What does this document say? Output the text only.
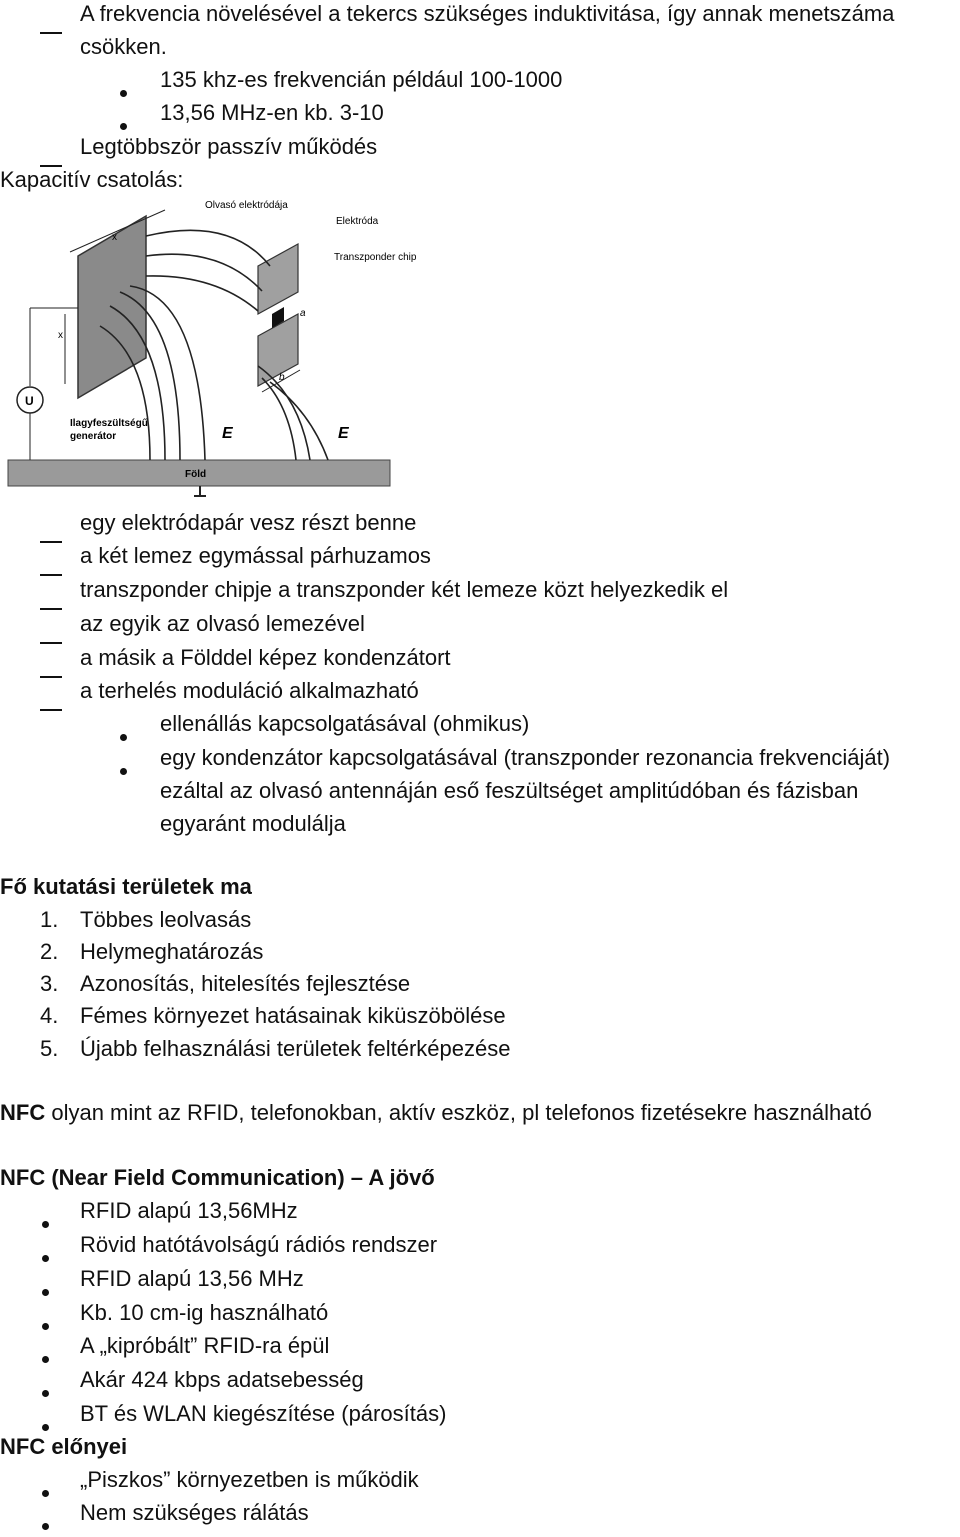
A frekvencia növelésével a tekercs szükséges induktivitása, így annak menetszáma
csökken.
135 khz-es frekvencián például 100-1000
13,56 MHz-en kb. 3-10
Legtöbbször passzív működés
Kapacitív csatolás:
Föld
x
x
a
b
U
Olvasó elektródája
Elektróda
Transzponder chip
Ilagyfeszültségű
generátor	E	E
egy elektródapár vesz részt benne
a két lemez egymással párhuzamos
transzponder chipje a transzponder két lemeze közt helyezkedik el
az egyik az olvasó lemezével
a másik a Földdel képez kondenzátort
a terhelés moduláció alkalmazható
ellenállás kapcsolgatásával (ohmikus)
egy kondenzátor kapcsolgatásával (transzponder rezonancia frekvenciáját)
ezáltal az olvasó antennáján eső feszültséget amplitúdóban és fázisban
egyaránt modulálja
Fő kutatási területek ma
1. Többes leolvasás
2. Helymeghatározás
3. Azonosítás, hitelesítés fejlesztése
4. Fémes környezet hatásainak kiküszöbölése
5. Újabb felhasználási területek feltérképezése
NFC olyan mint az RFID, telefonokban, aktív eszköz, pl telefonos fizetésekre használható
NFC (Near Field Communication) – A jövő
RFID alapú 13,56MHz
Rövid hatótávolságú rádiós rendszer
RFID alapú 13,56 MHz
Kb. 10 cm-ig használható
A „kipróbált” RFID-ra épül
Akár 424 kbps adatsebesség
BT és WLAN kiegészítése (párosítás)
NFC előnyei
„Piszkos” környezetben is működik
Nem szükséges rálátás
